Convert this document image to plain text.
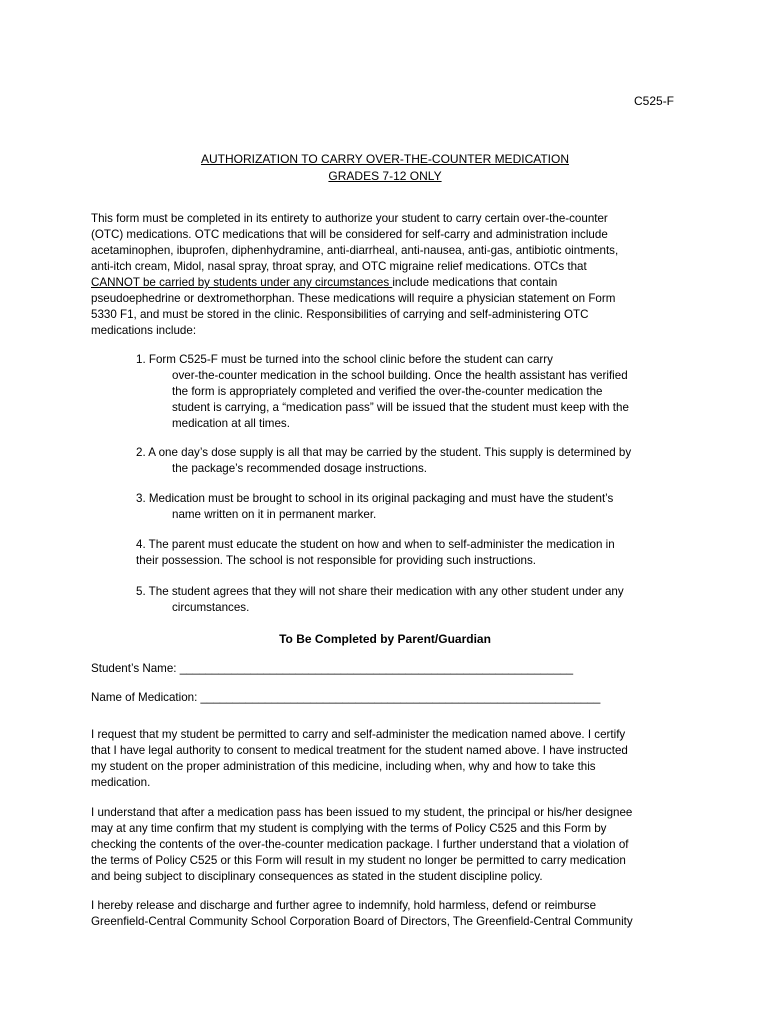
C525-F
AUTHORIZATION TO CARRY OVER-THE-COUNTER MEDICATION
GRADES 7-12 ONLY

This form must be completed in its entirety to authorize your student to carry certain over-the-counter

(OTC) medications. OTC medications that will be considered for self-carry and administration include

acetaminophen, ibuprofen, diphenhydramine, anti-diarrheal, anti-nausea, anti-gas, antibiotic ointments,

anti-itch cream, Midol, nasal spray, throat spray, and OTC migraine relief medications. OTCs that

CANNOT be carried by students under any circumstances include medications that contain

pseudoephedrine or dextromethorphan. These medications will require a physician statement on Form

5330 F1, and must be stored in the clinic. Responsibilities of carrying and self-administering OTC

medications include:

1. Form C525-F must be turned into the school clinic before the student can carry

over-the-counter medication in the school building. Once the health assistant has verified

the form is appropriately completed and verified the over-the-counter medication the

student is carrying, a “medication pass” will be issued that the student must keep with the

medication at all times.

2. A one day’s dose supply is all that may be carried by the student. This supply is determined by

the package’s recommended dosage instructions.

3. Medication must be brought to school in its original packaging and must have the student’s

name written on it in permanent marker.

4. The parent must educate the student on how and when to self-administer the medication in

their possession. The school is not responsible for providing such instructions.

5. The student agrees that they will not share their medication with any other student under any

circumstances.

To Be Completed by Parent/Guardian
Student’s Name: _____________________________________________________________
Name of Medication: ______________________________________________________________

I request that my student be permitted to carry and self-administer the medication named above. I certify

that I have legal authority to consent to medical treatment for the student named above. I have instructed

my student on the proper administration of this medicine, including when, why and how to take this

medication.

I understand that after a medication pass has been issued to my student, the principal or his/her designee

may at any time confirm that my student is complying with the terms of Policy C525 and this Form by

checking the contents of the over-the-counter medication package. I further understand that a violation of

the terms of Policy C525 or this Form will result in my student no longer be permitted to carry medication

and being subject to disciplinary consequences as stated in the student discipline policy.

I hereby release and discharge and further agree to indemnify, hold harmless, defend or reimburse

Greenfield-Central Community School Corporation Board of Directors, The Greenfield-Central Community
